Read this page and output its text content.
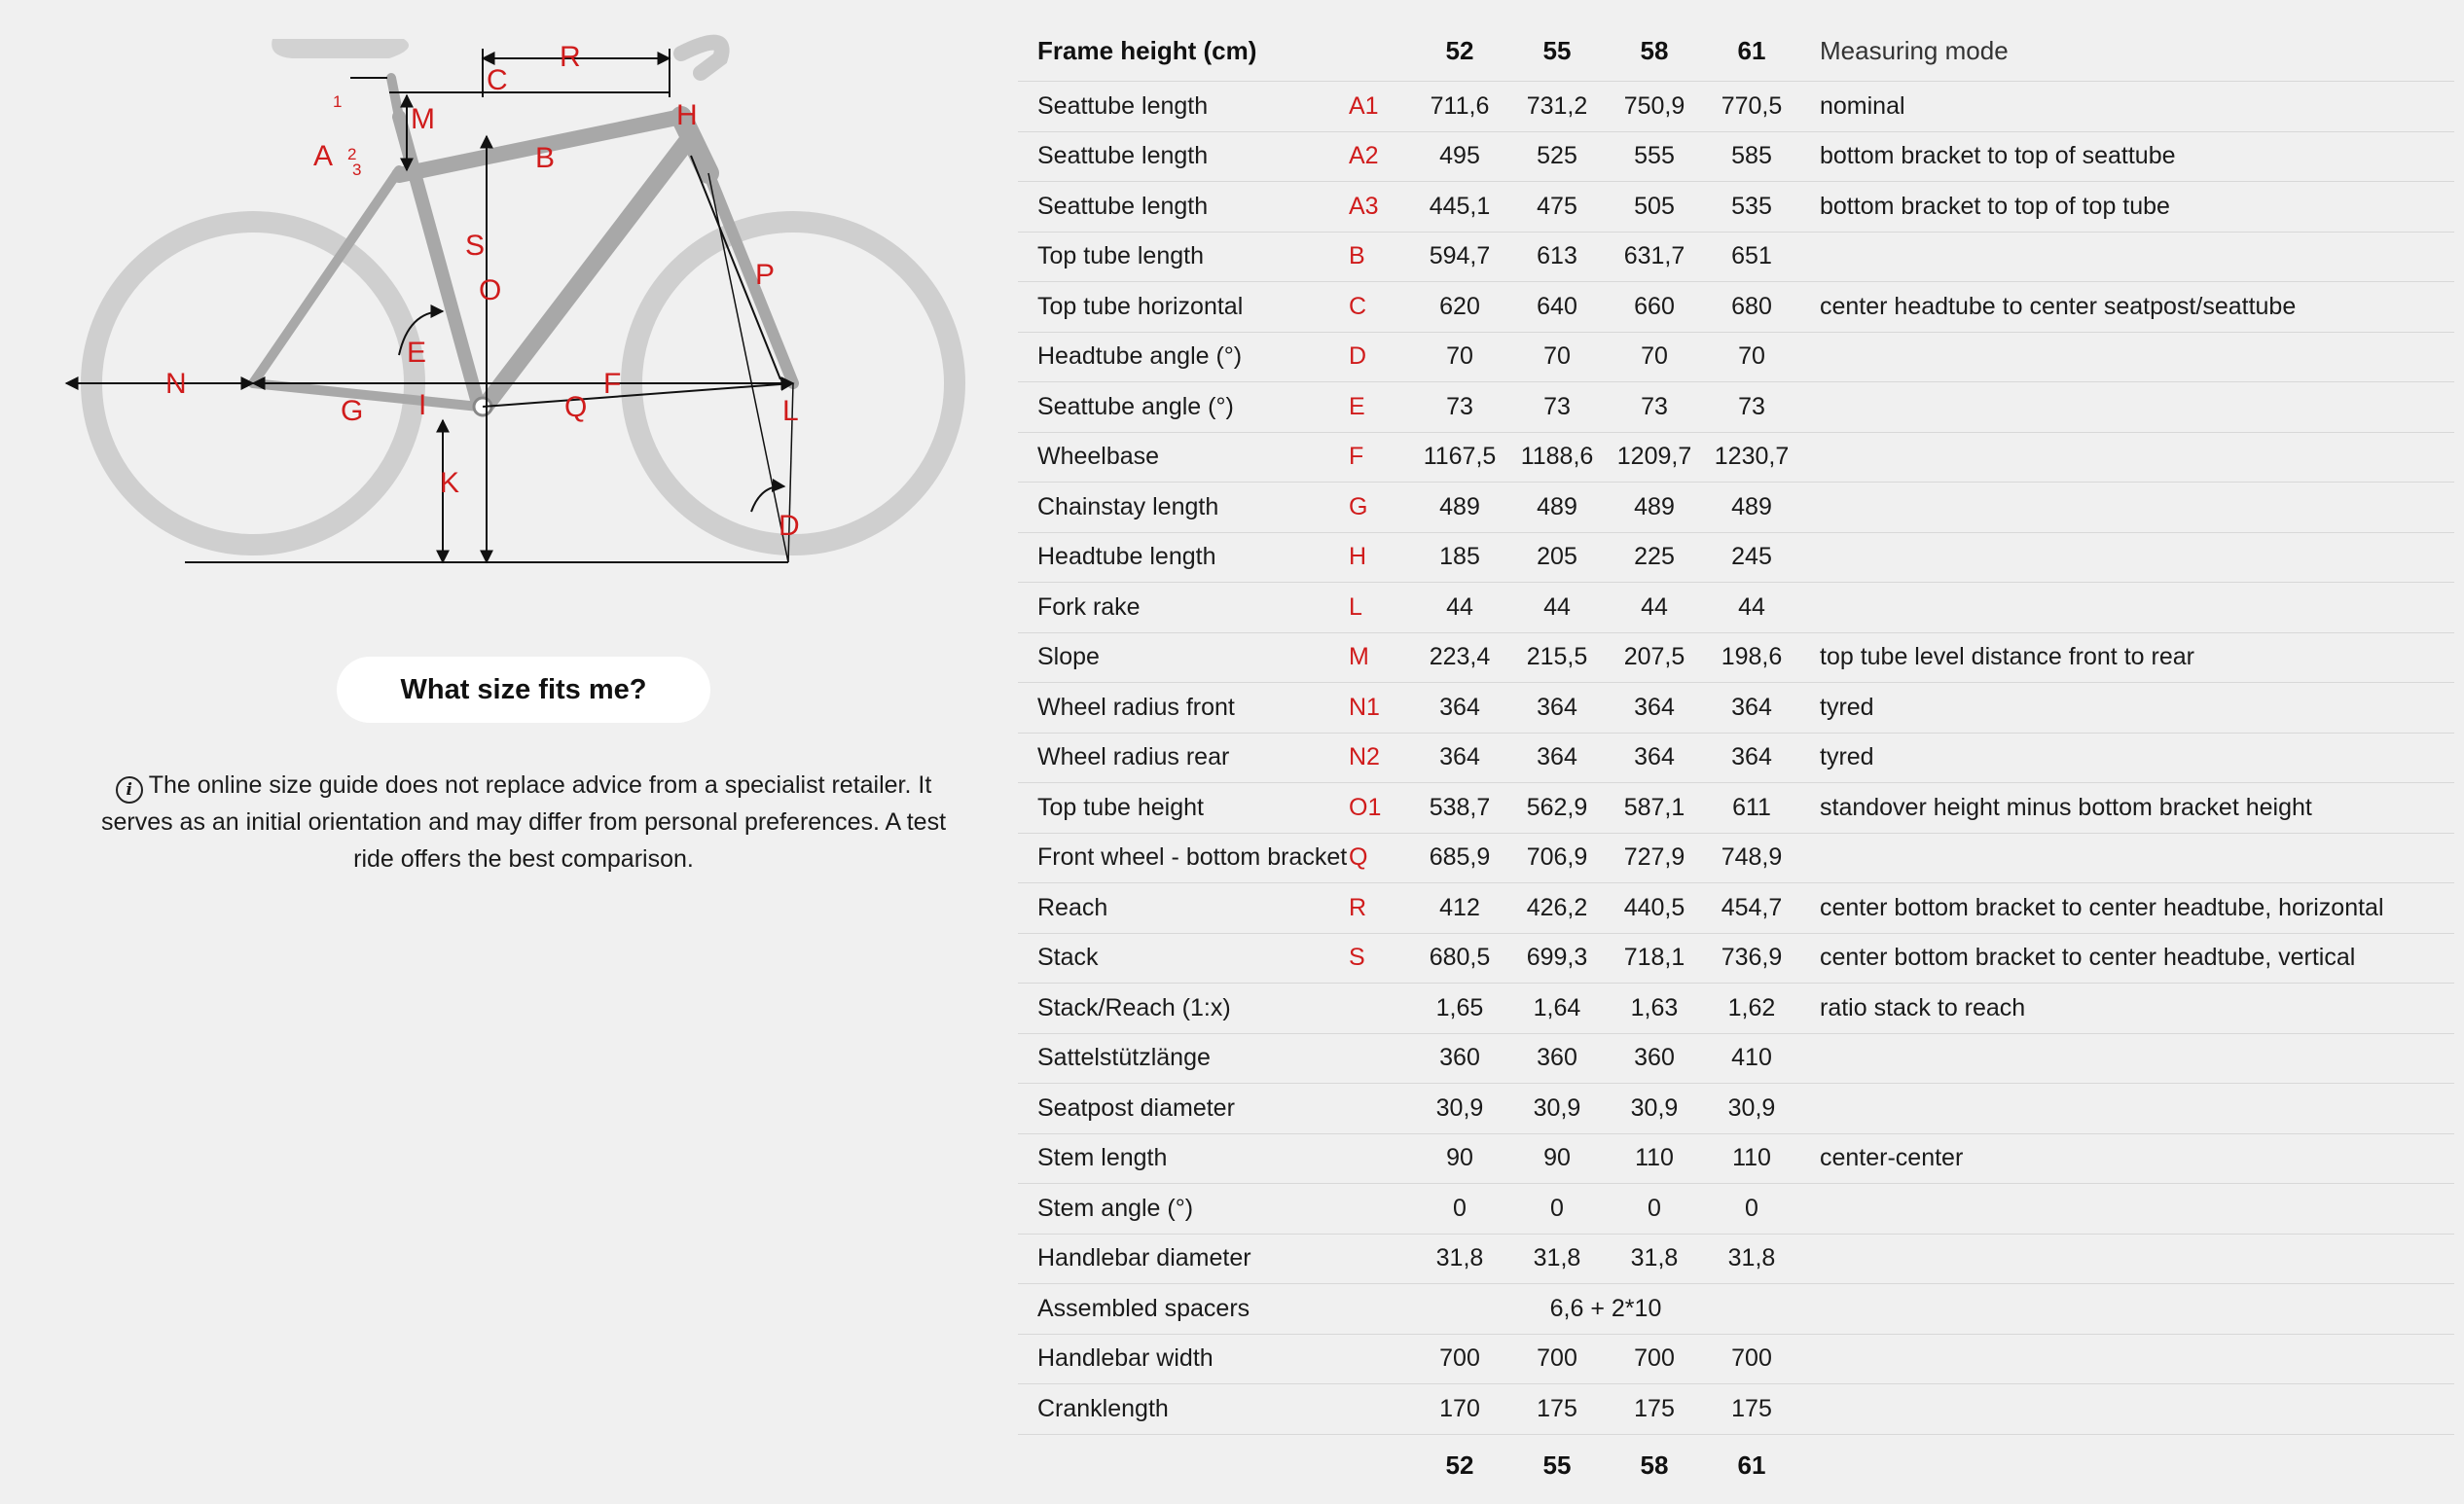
R
C
H
M
A	B
S
O	P
E
N	F
G I	Q	L
K
D
1
2
3
What size fits me?
i The online size guide does not replace advice from a specialist retailer. It serves as an initial orientation and may differ from personal preferences. A test ride offers the best comparison.
Frame height (cm)		52	55	58	61	Measuring mode
Seattube length	A1	711,6	731,2	750,9	770,5	nominal
Seattube length	A2	495	525	555	585	bottom bracket to top of seattube
Seattube length	A3	445,1	475	505	535	bottom bracket to top of top tube
Top tube length	B	594,7	613	631,7	651	
Top tube horizontal	C	620	640	660	680	center headtube to center seatpost/seattube
Headtube angle (°)	D	70	70	70	70	
Seattube angle (°)	E	73	73	73	73	
Wheelbase	F	1167,5	1188,6	1209,7	1230,7	
Chainstay length	G	489	489	489	489	
Headtube length	H	185	205	225	245	
Fork rake	L	44	44	44	44	
Slope	M	223,4	215,5	207,5	198,6	top tube level distance front to rear
Wheel radius front	N1	364	364	364	364	tyred
Wheel radius rear	N2	364	364	364	364	tyred
Top tube height	O1	538,7	562,9	587,1	611	standover height minus bottom bracket height
Front wheel - bottom bracket	Q	685,9	706,9	727,9	748,9	
Reach	R	412	426,2	440,5	454,7	center bottom bracket to center headtube, horizontal
Stack	S	680,5	699,3	718,1	736,9	center bottom bracket to center headtube, vertical
Stack/Reach (1:x)		1,65	1,64	1,63	1,62	ratio stack to reach
Sattelstützlänge		360	360	360	410	
Seatpost diameter		30,9	30,9	30,9	30,9	
Stem length		90	90	110	110	center-center
Stem angle (°)		0	0	0	0	
Handlebar diameter		31,8	31,8	31,8	31,8	
Assembled spacers		6,6 + 2*10				
Handlebar width		700	700	700	700	
Cranklength		170	175	175	175	
		52	55	58	61	
